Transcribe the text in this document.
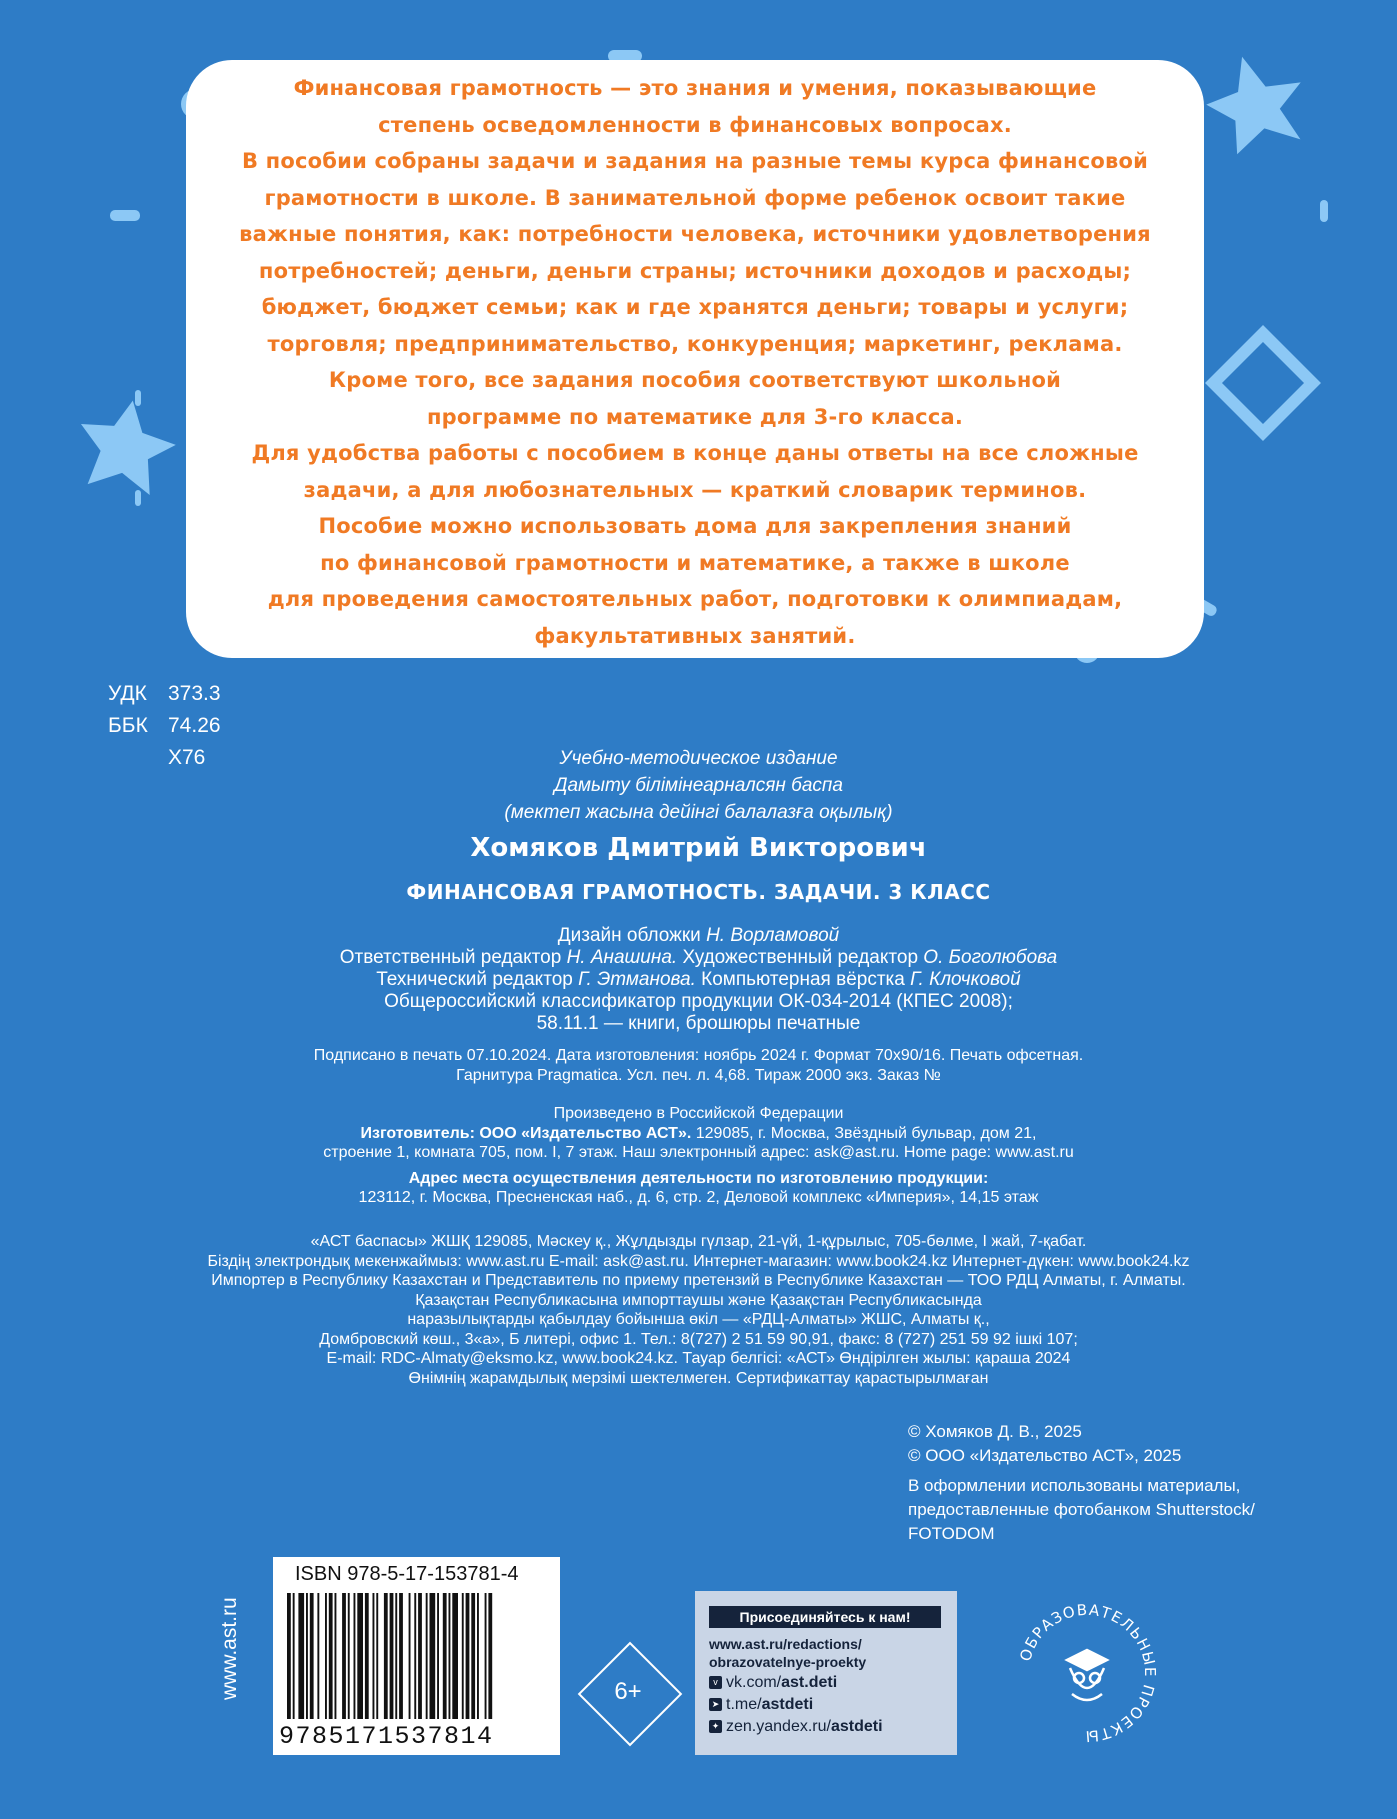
Финансовая грамотность — это знания и умения, показывающие
степень осведомленности в финансовых вопросах.
В пособии собраны задачи и задания на разные темы курса финансовой
грамотности в школе. В занимательной форме ребенок освоит такие
важные понятия, как: потребности человека, источники удовлетворения
потребностей; деньги, деньги страны; источники доходов и расходы;
бюджет, бюджет семьи; как и где хранятся деньги; товары и услуги;
торговля; предпринимательство, конкуренция; маркетинг, реклама.
Кроме того, все задания пособия соответствуют школьной
программе по математике для 3-го класса.
Для удобства работы с пособием в конце даны ответы на все сложные
задачи, а для любознательных — краткий словарик терминов.
Пособие можно использовать дома для закрепления знаний
по финансовой грамотности и математике, а также в школе
для проведения самостоятельных работ, подготовки к олимпиадам,
факультативных занятий.
УДК 373.3
ББК 74.26
Х76	Учебно-методическое издание
Дамыту білімінеарналсян баспа
(мектеп жасына дейінгі балалазға оқылық)
Хомяков Дмитрий Викторович
ФИНАНСОВАЯ ГРАМОТНОСТЬ. ЗАДАЧИ. 3 КЛАСС
Дизайн обложки Н. Ворламовой
Ответственный редактор Н. Анашина. Художественный редактор О. Боголюбова
Технический редактор Г. Этманова. Компьютерная вёрстка Г. Клочковой
Общероссийский классификатор продукции ОК-034-2014 (КПЕС 2008);
58.11.1 — книги, брошюры печатные
Подписано в печать 07.10.2024. Дата изготовления: ноябрь 2024 г. Формат 70х90/16. Печать офсетная.
Гарнитура Pragmatica. Усл. печ. л. 4,68. Тираж 2000 экз. Заказ №
Произведено в Российской Федерации
Изготовитель: ООО «Издательство АСТ». 129085, г. Москва, Звёздный бульвар, дом 21,
строение 1, комната 705, пом. I, 7 этаж. Наш электронный адрес: ask@ast.ru. Home page: www.ast.ru
Адрес места осуществления деятельности по изготовлению продукции:
123112, г. Москва, Пресненская наб., д. 6, стр. 2, Деловой комплекс «Империя», 14,15 этаж
«АСТ баспасы» ЖШҚ 129085, Мәскеу қ., Жұлдызды гүлзар, 21-үй, 1-құрылыс, 705-бөлме, I жай, 7-қабат.
Біздің электрондық мекенжаймыз: www.ast.ru E-mail: ask@ast.ru. Интернет-магазин: www.book24.kz Интернет-дүкен: www.book24.kz
Импортер в Республику Казахстан и Представитель по приему претензий в Республике Казахстан — ТОО РДЦ Алматы, г. Алматы.
Қазақстан Республикасына импорттаушы және Қазақстан Республикасында
наразылықтарды қабылдау бойынша өкіл — «РДЦ-Алматы» ЖШС, Алматы қ.,
Домбровский көш., 3«а», Б литері, офис 1. Тел.: 8(727) 2 51 59 90,91, факс: 8 (727) 251 59 92 ішкі 107;
E-mail: RDC-Almaty@eksmo.kz, www.book24.kz. Тауар белгісі: «АСТ» Өндірілген жылы: қараша 2024
Өнімнің жарамдылық мерзімі шектелмеген. Сертификаттау қарастырылмаған
© Хомяков Д. В., 2025
© ООО «Издательство АСТ», 2025
В оформлении использованы материалы,
предоставленные фотобанком Shutterstock/
FOTODOM
www.ast.ru
ISBN 978-5-17-153781-4
9785171537814
6+
Присоединяйтесь к нам!
www.ast.ru/redactions/
obrazovatelnye-proekty
v vk.com/ast.deti
➤ t.me/astdeti
✦ zen.yandex.ru/astdeti
ОБРАЗОВАТЕЛЬНЫЕ ПРОЕКТЫ
